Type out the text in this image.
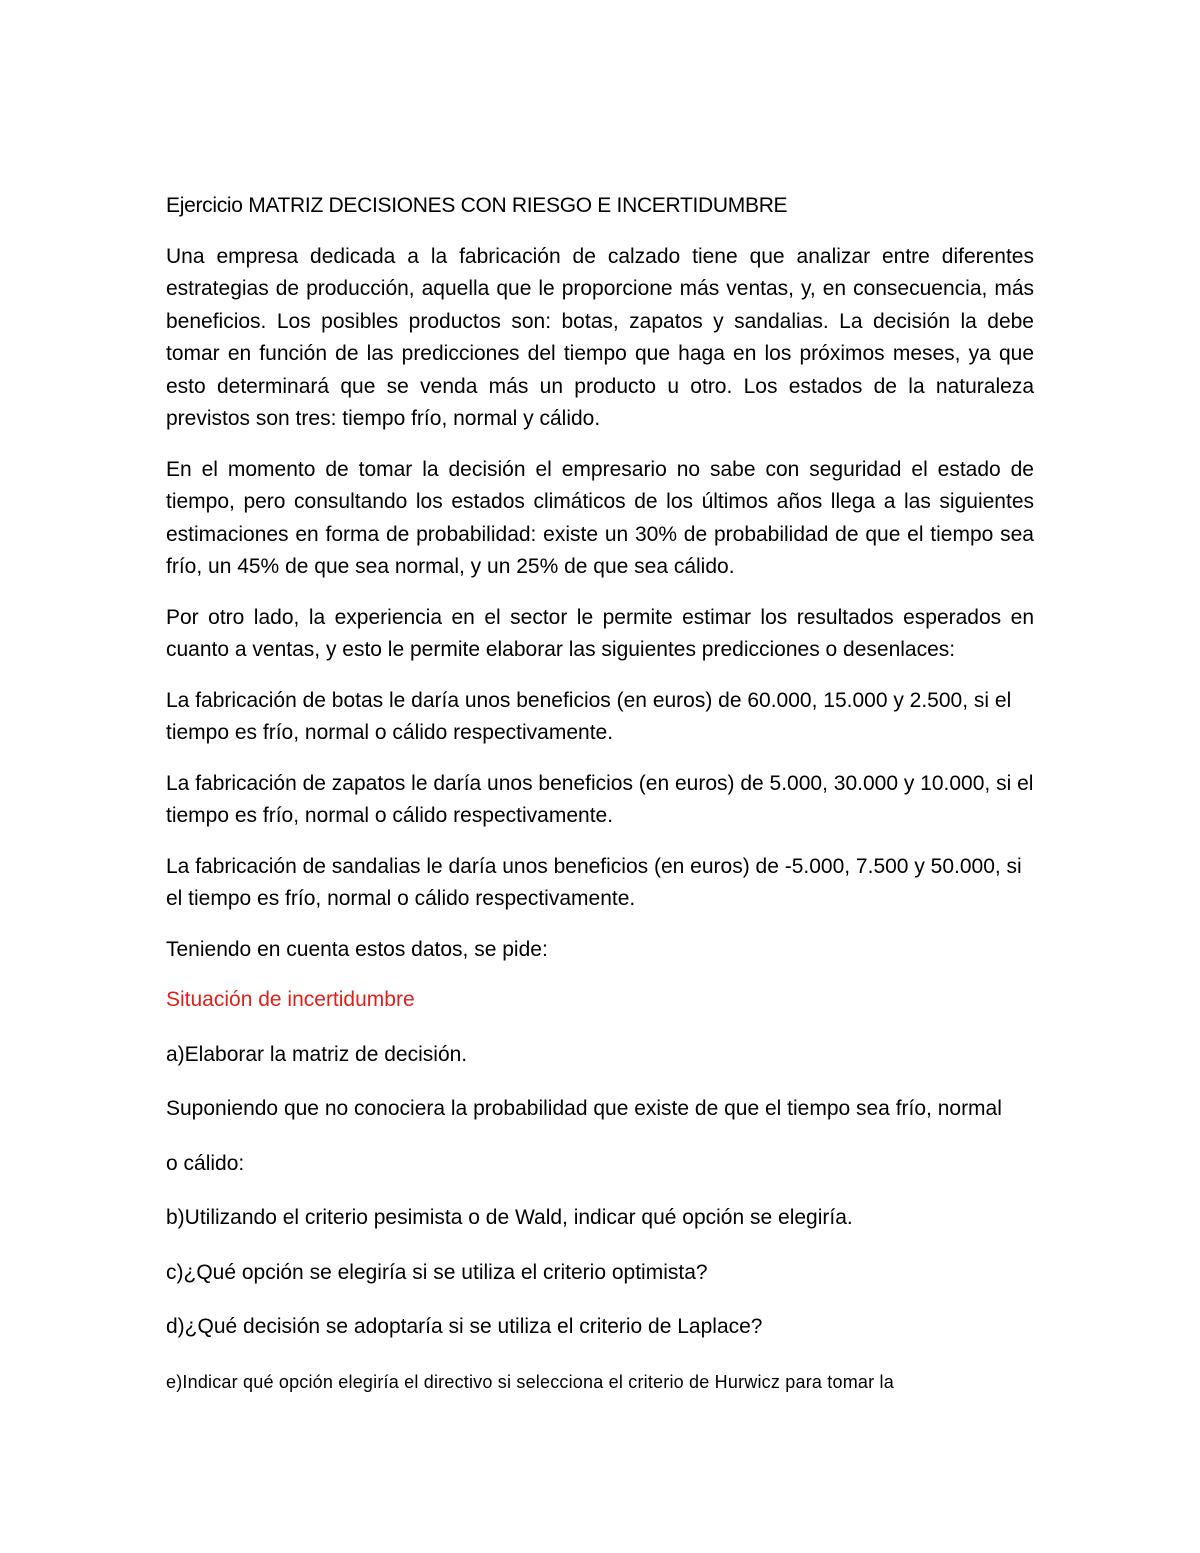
Ejercicio MATRIZ DECISIONES CON RIESGO E INCERTIDUMBRE

Una empresa dedicada a la fabricación de calzado tiene que analizar entre diferentes estrategias de producción, aquella que le proporcione más ventas, y, en consecuencia, más beneficios. Los posibles productos son: botas, zapatos y sandalias. La decisión la debe tomar en función de las predicciones del tiempo que haga en los próximos meses, ya que esto determinará que se venda más un producto u otro. Los estados de la naturaleza previstos son tres: tiempo frío, normal y cálido.

En el momento de tomar la decisión el empresario no sabe con seguridad el estado de tiempo, pero consultando los estados climáticos de los últimos años llega a las siguientes estimaciones en forma de probabilidad: existe un 30% de probabilidad de que el tiempo sea frío, un 45% de que sea normal, y un 25% de que sea cálido.

Por otro lado, la experiencia en el sector le permite estimar los resultados esperados en cuanto a ventas, y esto le permite elaborar las siguientes predicciones o desenlaces:

La fabricación de botas le daría unos beneficios (en euros) de 60.000, 15.000 y 2.500, si el tiempo es frío, normal o cálido respectivamente.

La fabricación de zapatos le daría unos beneficios (en euros) de 5.000, 30.000 y 10.000, si el tiempo es frío, normal o cálido respectivamente.

La fabricación de sandalias le daría unos beneficios (en euros) de -5.000, 7.500 y 50.000, si el tiempo es frío, normal o cálido respectivamente.

Teniendo en cuenta estos datos, se pide:

Situación de incertidumbre
a)Elaborar la matriz de decisión.
Suponiendo que no conociera la probabilidad que existe de que el tiempo sea frío, normal
o cálido:
b)Utilizando el criterio pesimista o de Wald, indicar qué opción se elegiría.
c)¿Qué opción se elegiría si se utiliza el criterio optimista?
d)¿Qué decisión se adoptaría si se utiliza el criterio de Laplace?
e)Indicar qué opción elegiría el directivo si selecciona el criterio de Hurwicz para tomar la
